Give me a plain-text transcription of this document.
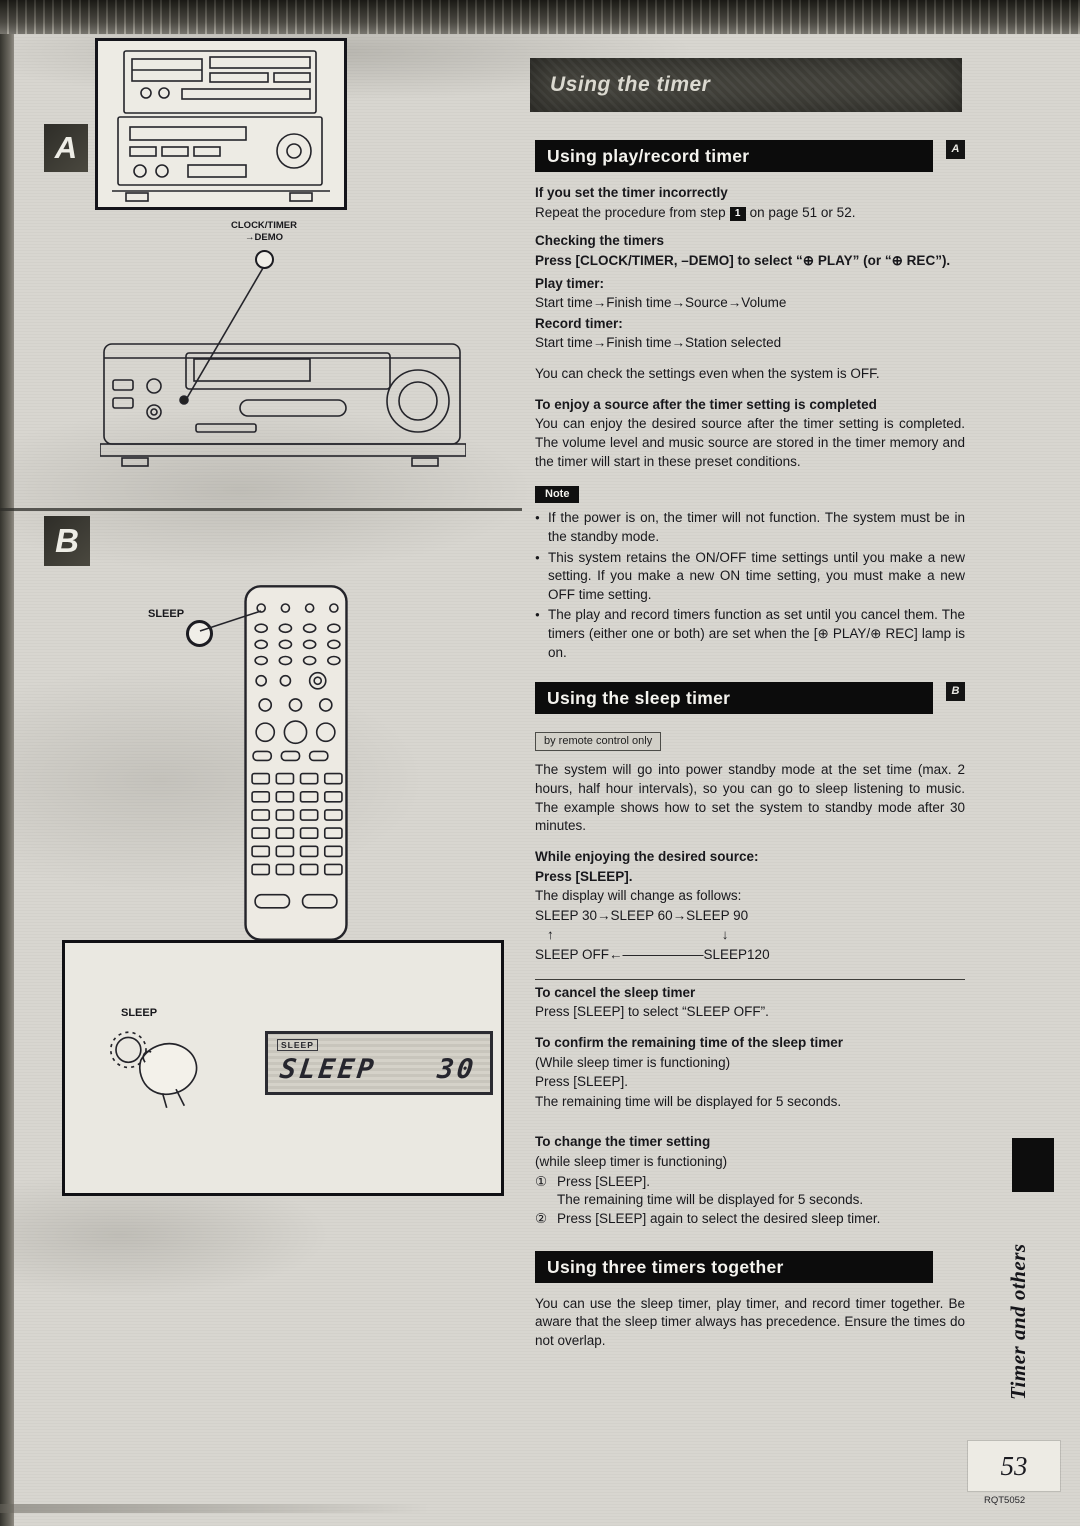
Using the timer
A
CLOCK/TIMER
→DEMO
B
SLEEP
SLEEP
SLEEP
SLEEP 30
Using play/record timer	A
If you set the timer incorrectly
Repeat the procedure from step 1 on page 51 or 52.
Checking the timers
Press [CLOCK/TIMER, –DEMO] to select “⊕ PLAY” (or “⊕ REC”).
Play timer:
Start time→Finish time→Source→Volume
Record timer:
Start time→Finish time→Station selected
You can check the settings even when the system is OFF.
To enjoy a source after the timer setting is completed
You can enjoy the desired source after the timer setting is completed. The volume level and music source are stored in the timer memory and the timer will start in these preset conditions.
Note
● If the power is on, the timer will not function. The system must be in the standby mode.
● This system retains the ON/OFF time settings until you make a new setting. If you make a new ON time setting, you must make a new OFF time setting.
● The play and record timers function as set until you cancel them. The timers (either one or both) are set when the [⊕ PLAY/⊕ REC] lamp is on.
Using the sleep timer	B
by remote control only
The system will go into power standby mode at the set time (max. 2 hours, half hour intervals), so you can go to sleep listening to music. The example shows how to set the system to standby mode after 30 minutes.
While enjoying the desired source:
Press [SLEEP].
The display will change as follows:
SLEEP 30→SLEEP 60→SLEEP 90
↑	↓
SLEEP OFF←――――――SLEEP120
To cancel the sleep timer
Press [SLEEP] to select “SLEEP OFF”.
To confirm the remaining time of the sleep timer
(While sleep timer is functioning)
Press [SLEEP].
The remaining time will be displayed for 5 seconds.
To change the timer setting
(while sleep timer is functioning)
① Press [SLEEP].
The remaining time will be displayed for 5 seconds.
② Press [SLEEP] again to select the desired sleep timer.
Using three timers together
You can use the sleep timer, play timer, and record timer together. Be aware that the sleep timer always has precedence. Ensure the times do not overlap.	Timer and others
53
RQT5052
